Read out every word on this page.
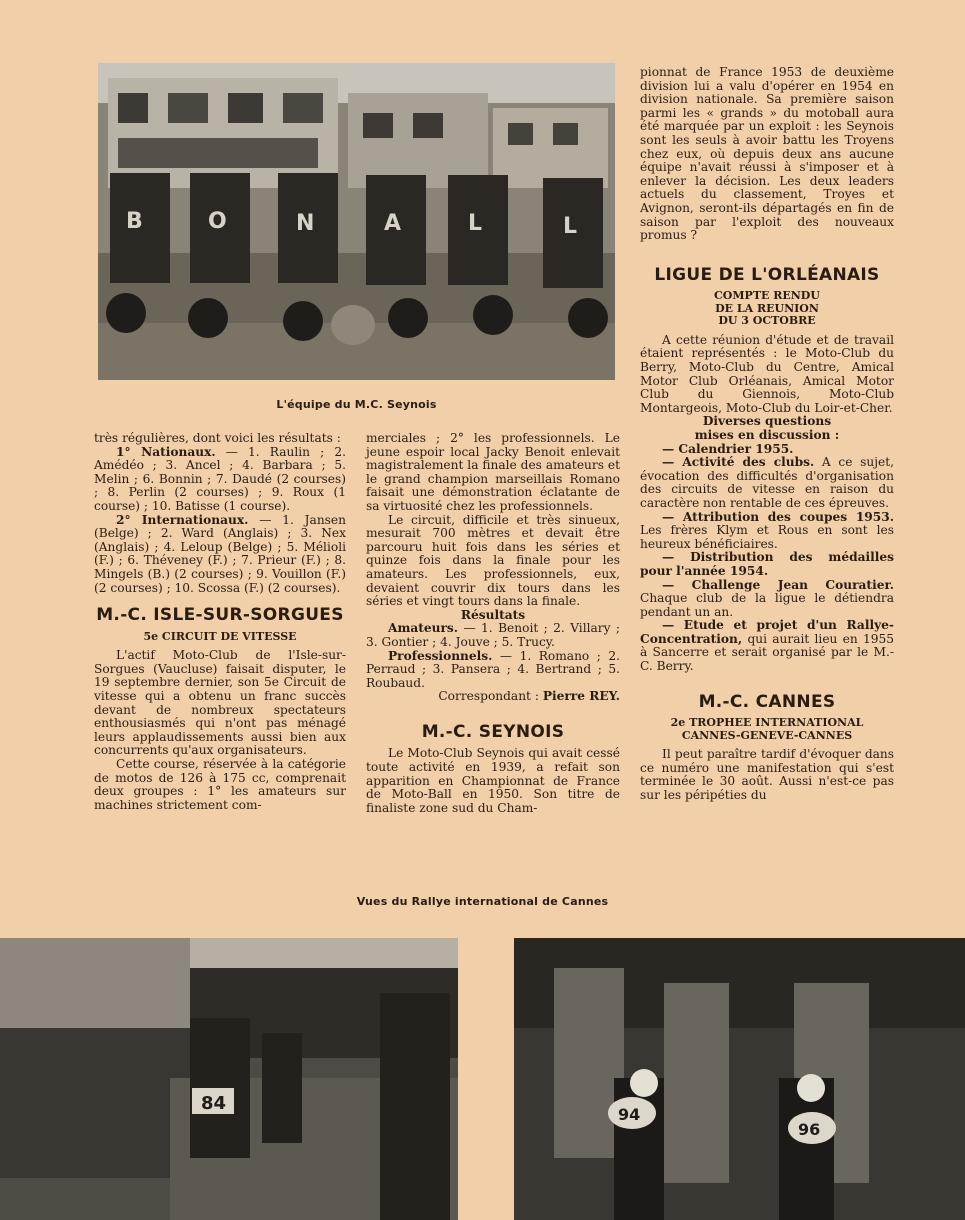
B	O	N	A	L	L
L'équipe du M.C. Seynois

très régulières, dont voici les résultats :

1° Nationaux. — 1. Raulin ; 2. Amédéo ; 3. Ancel ; 4. Barbara ; 5. Melin ; 6. Bonnin ; 7. Daudé (2 courses) ; 8. Perlin (2 courses) ; 9. Roux (1 course) ; 10. Batisse (1 course).

2° Internationaux. — 1. Jansen (Belge) ; 2. Ward (Anglais) ; 3. Nex (Anglais) ; 4. Leloup (Belge) ; 5. Mélioli (F.) ; 6. Théveney (F.) ; 7. Prieur (F.) ; 8. Mingels (B.) (2 courses) ; 9. Vouillon (F.) (2 courses) ; 10. Scossa (F.) (2 courses).

M.-C. ISLE-SUR-SORGUES
5e CIRCUIT DE VITESSE

L'actif Moto-Club de l'Isle-sur-Sorgues (Vaucluse) faisait disputer, le 19 septembre dernier, son 5e Circuit de vitesse qui a obtenu un franc succès devant de nombreux spectateurs enthousiasmés qui n'ont pas ménagé leurs applaudissements aussi bien aux concurrents qu'aux organisateurs.

Cette course, réservée à la catégorie de motos de 126 à 175 cc, comprenait deux groupes : 1° les amateurs sur machines strictement com-

merciales ; 2° les professionnels. Le jeune espoir local Jacky Benoit enlevait magistralement la finale des amateurs et le grand champion marseillais Romano faisait une démonstration éclatante de sa virtuosité chez les professionnels.

Le circuit, difficile et très sinueux, mesurait 700 mètres et devait être parcouru huit fois dans les séries et quinze fois dans la finale pour les amateurs. Les professionnels, eux, devaient couvrir dix tours dans les séries et vingt tours dans la finale.

Résultats

Amateurs. — 1. Benoit ; 2. Villary ; 3. Gontier ; 4. Jouve ; 5. Trucy.

Professionnels. — 1. Romano ; 2. Perraud ; 3. Pansera ; 4. Bertrand ; 5. Roubaud.

Correspondant : Pierre REY.

M.-C. SEYNOIS

Le Moto-Club Seynois qui avait cessé toute activité en 1939, a refait son apparition en Championnat de France de Moto-Ball en 1950. Son titre de finaliste zone sud du Cham-

pionnat de France 1953 de deuxième division lui a valu d'opérer en 1954 en division nationale. Sa première saison parmi les « grands » du motoball aura été marquée par un exploit : les Seynois sont les seuls à avoir battu les Troyens chez eux, où depuis deux ans aucune équipe n'avait réussi à s'imposer et à enlever la décision. Les deux leaders actuels du classement, Troyes et Avignon, seront-ils départagés en fin de saison par l'exploit des nouveaux promus ?

LIGUE DE L'ORLÉANAIS
COMPTE RENDU
DE LA REUNION
DU 3 OCTOBRE

A cette réunion d'étude et de travail étaient représentés : le Moto-Club du Berry, Moto-Club du Centre, Amical Motor Club Orléanais, Amical Motor Club du Giennois, Moto-Club Montargeois, Moto-Club du Loir-et-Cher.

Diverses questions
mises en discussion :

— Calendrier 1955.

— Activité des clubs. A ce sujet, évocation des difficultés d'organisation des circuits de vitesse en raison du caractère non rentable de ces épreuves.

— Attribution des coupes 1953. Les frères Klym et Rous en sont les heureux bénéficiaires.

— Distribution des médailles pour l'année 1954.

— Challenge Jean Couratier. Chaque club de la ligue le détiendra pendant un an.

— Etude et projet d'un Rallye-Concentration, qui aurait lieu en 1955 à Sancerre et serait organisé par le M.-C. Berry.

M.-C. CANNES
2e TROPHEE INTERNATIONAL
CANNES-GENEVE-CANNES

Il peut paraître tardif d'évoquer dans ce numéro une manifestation qui s'est terminée le 30 août. Aussi n'est-ce pas sur les péripéties du

Vues du Rallye international de Cannes
84
94
96
